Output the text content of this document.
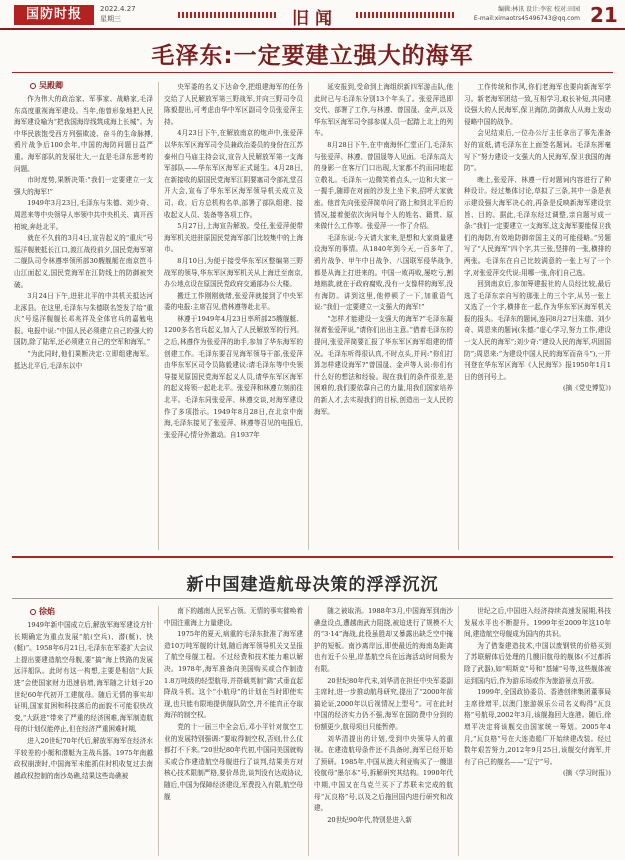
国防时报	2022.4.27
星期三	旧闻	编辑:林讯 设计:李宏 校对:田园
E-mail:ximaotrs45496743@qq.com 21
毛泽东:一定要建立强大的海军
吴殿卿

作为伟大的政治家、军事家、战略家,毛泽东高度重视海军建设。当年,他曾形象地把人民海军建设喻为“把我国海岸线筑成海上长城”。为中华民族饱受西方列强欺凌、奋斗的生命脉搏,鸦片战争后100余年,中国的海防问题日益严重。海军部队的发展壮大,一直是毛泽东思考的问题。

市时度势,果断决策:“我们一定要建立一支强大的海军!”

1949年3月23日,毛泽东与朱德、刘少奇、周恩来等中央领导人率领中共中央机关、离开西柏坡,奔赴北平。

就在不久前的3月4日,宣告起义的“重庆”号巡洋舰驶抵长江口,渡江战役前夕,国民党海军第二舰队司令林遵率领所部30艘舰艇在南京笆斗山江面起义,国民党海军在江防线上的防御被突破。

3月24日下午,进驻北平的中共机关抵达河北涿县。在这里,毛泽东与朱德联名签发了给“重庆”号巡洋舰舰长邓兆祥及全体官兵的嘉勉电报。电报中说:“中国人民必须建立自己的强大的国防,除了陆军,还必须建立自己的空军和海军。”

“为此同时,他们果断决定:立即组建海军。抵达北平后,毛泽东以中

央军委的名义下达命令,把组建海军的任务交给了人民解放军第三野战军,并向三野司令员陈毅提出,可考虑由华中军区副司令员张爱萍主持。

4月23日下午,在解放南京的炮声中,张爱萍以华东军区海军司令员兼政治委员的身份在江苏泰州白马庙主持会议,宣告人民解放军第一支海军部队——华东军区海军正式诞生。4月28日,在新接收的原国民党海军江阴要塞司令部礼堂召开大会,宣布了华东军区海军领导机关成立及司、政、后方总机构名单,部署了部队组建、接收起义人员、装备等各项工作。

5月27日,上海宣告解放。受任,张爱萍便带海军机关进驻原国民党海军部门比较集中的上海市。

8月10日,为便于接受华东军区整编第三野战军的领导,华东军区海军机关从上海迁至南京,办公地点设在原国民党政府交通部办公大楼。

搬迁工作刚刚就绪,张爱萍就接到了中央军委的电报:主席召见,借林遵等赴北平。

林遵于1949年4月23日率所部25艘舰艇、1200多名官兵起义,加入了人民解放军的行列。之后,林遵作为张爱萍的助手,参加了华东海军的创建工作。毛泽东要召见海军领导干部,张爱萍由华东军区司令员陈毅建议:请毛泽东等中央领导接见原国民党海军起义人员,请华东军区海军的起义将领一起赴北平。张爱萍和林遵立刻前往北平。毛泽东同张爱萍、林遵交谈,对海军建设作了多项指示。1949年8月28日,在北京中南海,毛泽东接见了张爱萍、林遵等召见的电报后,张爱萍心情分外激动。自1937年

延安报到,受命到上海组织新四军游击队,他此时已与毛泽东分别13个年头了。张爱萍迅即交代、部署了工作,与林遵、曾国晟、金声,以及华东军区海军司令部参谋人员一起踏上北上的列车。

8月28日下午,在中南海怀仁堂正门,毛泽东与张爱萍、林遵、曾国晟等人见面。毛泽东高大的身影一在客厅门口出现,大家都不约而同地起立敬礼。毛泽东一边微笑着点头,一边和大家一一握手,随即在对面的沙发上坐下来,招呼大家就座。他首先向张爱萍简单问了路上和到北平后的情况,接着便依次询问每个人的姓名、籍贯、原来做什么工作等。张爱萍一一作了介绍。

毛泽东说:今天请大家来,是想和大家商量建设海军的事情。从1840年到今天,一百多年了,鸦片战争、甲午中日战争、八国联军侵华战争,都是从海上打进来的。中国一败再败,屡吃亏,割地赔款,就在于政府腐败,没有一支像样的海军,没有海防。讲到这里,他停顿了一下,加重语气说:“我们一定要建立一支强大的海军!”

“怎样才能建设一支强大的海军?”毛泽东凝视着张爱萍说,“请你们出出主意。”借着毛泽东的提问,张爱萍简要汇报了华东军区海军组建的情况。毛泽东听得很认真,不时点头,并问:“你们打算怎样建设海军?”曾国晟、金声等人说:你们有什么好的想法和经验。现在我们的条件很差,是困难的,我们要依靠自己的力量,用我们国家培养的新人才,去实现我们的目标,创造出一支人民的海军。

工作传统和作风,你们老海军也要向新海军学习。新老海军团结一致,互相学习,取长补短,共同建设强大的人民海军,保卫海防,防御敌人从海上发动侵略中国的战争。

会见结束后,一位办公厅主任拿出了事先准备好的宣纸,请毛泽东在上面签名题词。毛泽东挥毫写下“努力建设一支强大的人民海军,保卫我国的海防”。

晚上,张爱萍、林遵一行对题词内容进行了种种设计。经过集体讨论,草拟了三条,其中一条是表示建设强大海军决心的,再条是反映新海军建设宗旨、目的。据此,毛泽东经过调整,亲自题写成一条:“我们一定要建立一支海军,这支海军要能保卫我们的海防,有效地防御帝国主义的可能侵略。”另题写了“人民海军”四个字,共三张,竖排的一张,横排的两张。毛泽东在自己比较满意的一张上写了一个字,对张爱萍交代说:用哪一张,你们自己选。

回到南京后,参加筹建报社的人员经比较,最后选了毛泽东亲自写的那张上的三个字,从另一张上又选了一个字,横排在一起,作为华东军区海军机关报的报头。毛泽东的题词,连同8月27日朱德、刘少奇、周恩来的题词(朱德:“虚心学习,努力工作,建设一支人民的海军”;刘少奇:“建设人民的海军,巩固国防”;周恩来:“为建设中国人民的海军而奋斗”),一并刊登在华东军区海军《人民海军》报1950年1月1日的创刊号上。

(摘《党史博览》)
新中国建造航母决策的浮浮沉沉
徐焰

1949年新中国成立后,解放军海军建设方针长期确定为重点发展“航(空兵)、潜(艇)、快(艇)”。1958年6月21日,毛泽东在军委扩大会议上提出要建造航空母舰,要“搞”海上铁路的发展远洋船队。此时有这一构想,主要是相信“大跃进”会使国家财力迅速倍增,海军随之计划于20世纪60年代初开工建航母。随后无情的事实却证明,国家贫困和科技落后的面貌不可能很快改变,“大跃进”带来了严重的经济困难,海军制造航母的计划仅能停止,但在经济严重困难时期,

进入20世纪70年代后,解放军海军在经济水平较差的小艇和潜艇为主战兵器。1975年南越政权崩溃时,中国海军未能抓住时机收复过去南越政权控制的南沙岛礁,结果这些岛礁被

南下的越南人民军占领。无情的事实催唤着中国注重海上力量建设。

1975年的夏天,病重的毛泽东批准了海军建造10万吨军舰的计划,随后海军领导机关又呈报了航空母舰工程。不过经费和技术能力难以解决。1978年,海军准备向美国购买或合作制造1.8万吨级的轻型航母,并搭载英制“鹞”式垂直起降战斗机。这个“小航母”的计划在当时即使实现,也只能有限地提供舰队防空,并不能真正夺取海洋的制空权。

党的十一届三中全会后,邓小平针对航空工业的发展特别强调:“要取得制空权,否则,什么仗都打不下来。”20世纪80年代初,中国同美国就购买或合作建造航空母舰进行了谈判,结果美方对核心技术限制严格,要价昂贵,谈判没有达成协议,随后,中国为保障经济建设,军费投入有限,航空母舰

随之被取消。1988年3月,中国海军到南沙礁盘设点,遭越南武力阻挠,被迫进行了规模不大的“3·14”海战,此役虽胜却又暴露出缺乏空中掩护的短板。南沙离岸远,即使最近的海南岛距离也有近千公里,岸基航空兵在远海活动时间极为有限。

20世纪80年代末,刘华清在担任中央军委副主席时,进一步推动航母研究,提出了“2000年前搞论证,2000年以后视情况上型号”。可在此时中国的经济实力仍不强,海军在国防费中分到的份额更少,航母项目只能暂停。

刘华清提出的计划,受到中央领导人的重视。在建造航母条件还不具备时,海军已经开始了预研。1985年,中国从澳大利亚购买了一艘退役航母“墨尔本”号,拆解研究其结构。1990年代中期,中国又在乌克兰买下了苏联未完成的航母“瓦良格”号,以及之后拖回国内进行研究和改建。

20世纪90年代,特别是进入新

世纪之后,中国进入经济持续高速发展期,科技发展水平也不断提升。1999年至2009年这10年间,建造航空母舰成为国内的共识。

为了借鉴建造技术,中国以废钢铁的价格买到了苏联解体后处理的几艘旧航母的舰体(不过都拆除了武器),如“明斯克”号和“基辅”号等,这些舰体被运到国内后,作为游乐场或作为旅游景点开放。

1999年,全国政协委员、香港创律集团董事局主席徐增平,以澳门旅游娱乐公司名义购得“瓦良格”号航母,2002年3月,该舰拖回大连港。随后,徐增平决定将该舰交由国家统一筹划。2005年4月,“瓦良格”号在大连造船厂开始续建改装。经过数年艰苦努力,2012年9月25日,该舰交付海军,并有了自己的舰名——“辽宁”号。

(摘《学习时报》)
